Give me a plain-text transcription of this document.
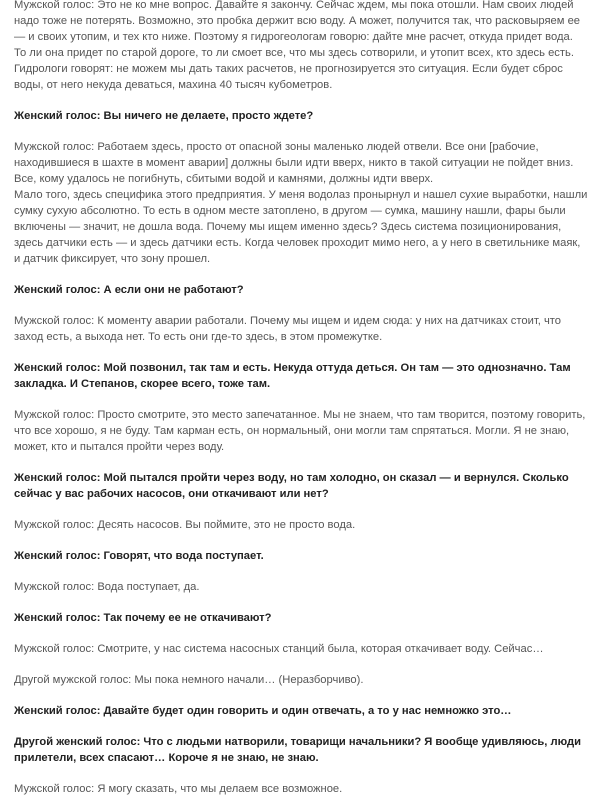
Мужской голос: Это не ко мне вопрос. Давайте я закончу. Сейчас ждем, мы пока отошли. Нам своих людей надо тоже не потерять. Возможно, это пробка держит всю воду. А может, получится так, что расковыряем ее — и своих утопим, и тех кто ниже. Поэтому я гидрогеологам говорю: дайте мне расчет, откуда придет вода. То ли она придет по старой дороге, то ли смоет все, что мы здесь сотворили, и утопит всех, кто здесь есть. Гидрологи говорят: не можем мы дать таких расчетов, не прогнозируется это ситуация. Если будет сброс воды, от него некуда деваться, махина 40 тысяч кубометров.

Женский голос: Вы ничего не делаете, просто ждете?

Мужской голос: Работаем здесь, просто от опасной зоны маленько людей отвели. Все они [рабочие, находившиеся в шахте в момент аварии] должны были идти вверх, никто в такой ситуации не пойдет вниз. Все, кому удалось не погибнуть, сбитыми водой и камнями, должны идти вверх.
Мало того, здесь специфика этого предприятия. У меня водолаз пронырнул и нашел сухие выработки, нашли сумку сухую абсолютно. То есть в одном месте затоплено, в другом — сумка, машину нашли, фары были включены — значит, не дошла вода. Почему мы ищем именно здесь? Здесь система позиционирования, здесь датчики есть — и здесь датчики есть. Когда человек проходит мимо него, а у него в светильнике маяк, и датчик фиксирует, что зону прошел.

Женский голос: А если они не работают?

Мужской голос: К моменту аварии работали. Почему мы ищем и идем сюда: у них на датчиках стоит, что заход есть, а выхода нет. То есть они где-то здесь, в этом промежутке.

Женский голос: Мой позвонил, так там и есть. Некуда оттуда деться. Он там — это однозначно. Там закладка. И Степанов, скорее всего, тоже там.

Мужской голос: Просто смотрите, это место запечатанное. Мы не знаем, что там творится, поэтому говорить, что все хорошо, я не буду. Там карман есть, он нормальный, они могли там спрятаться. Могли. Я не знаю, может, кто и пытался пройти через воду.

Женский голос: Мой пытался пройти через воду, но там холодно, он сказал — и вернулся. Сколько сейчас у вас рабочих насосов, они откачивают или нет?

Мужской голос: Десять насосов. Вы поймите, это не просто вода.

Женский голос: Говорят, что вода поступает.

Мужской голос: Вода поступает, да.

Женский голос: Так почему ее не откачивают?

Мужской голос: Смотрите, у нас система насосных станций была, которая откачивает воду. Сейчас…

Другой мужской голос: Мы пока немного начали… (Неразборчиво).

Женский голос: Давайте будет один говорить и один отвечать, а то у нас немножко это…

Другой женский голос: Что с людьми натворили, товарищи начальники? Я вообще удивляюсь, люди прилетели, всех спасают… Короче я не знаю, не знаю.

Мужской голос: Я могу сказать, что мы делаем все возможное.
